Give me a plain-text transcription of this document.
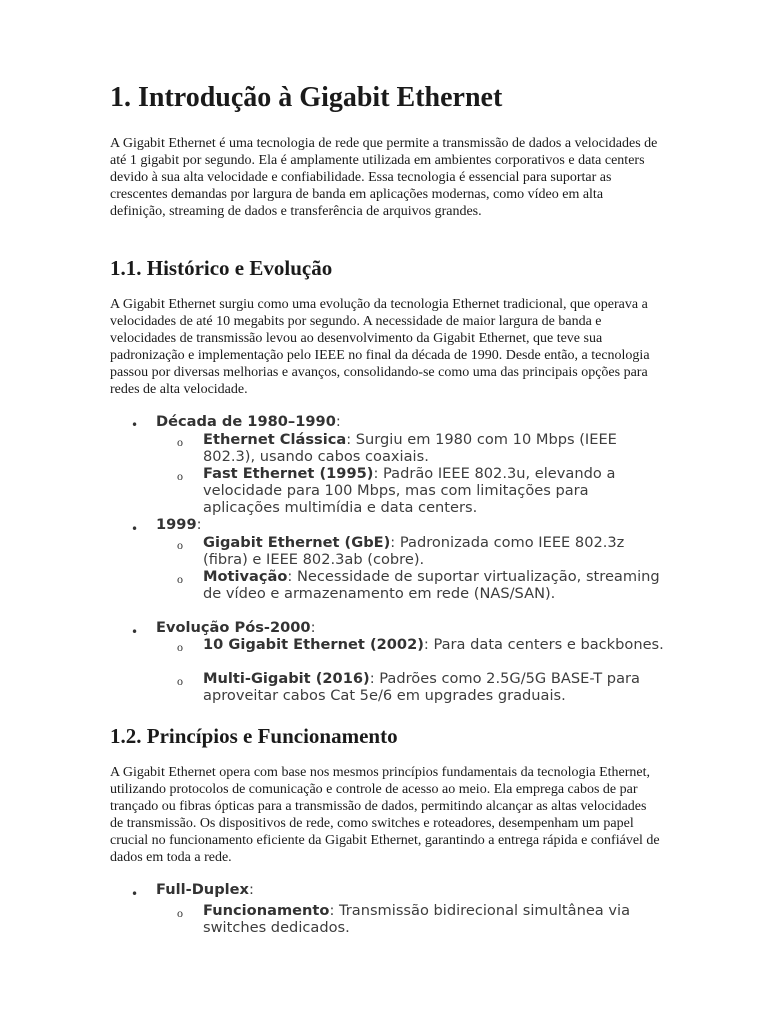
1. Introdução à Gigabit Ethernet

A Gigabit Ethernet é uma tecnologia de rede que permite a transmissão de dados a velocidades de até 1 gigabit por segundo. Ela é amplamente utilizada em ambientes corporativos e data centers devido à sua alta velocidade e confiabilidade. Essa tecnologia é essencial para suportar as crescentes demandas por largura de banda em aplicações modernas, como vídeo em alta definição, streaming de dados e transferência de arquivos grandes.

1.1. Histórico e Evolução

A Gigabit Ethernet surgiu como uma evolução da tecnologia Ethernet tradicional, que operava a velocidades de até 10 megabits por segundo. A necessidade de maior largura de banda e velocidades de transmissão levou ao desenvolvimento da Gigabit Ethernet, que teve sua padronização e implementação pelo IEEE no final da década de 1990. Desde então, a tecnologia passou por diversas melhorias e avanços, consolidando-se como uma das principais opções para redes de alta velocidade.

• Década de 1980–1990:
o Ethernet Clássica: Surgiu em 1980 com 10 Mbps (IEEE 802.3), usando cabos coaxiais.
o Fast Ethernet (1995): Padrão IEEE 802.3u, elevando a velocidade para 100 Mbps, mas com limitações para aplicações multimídia e data centers.
• 1999:
o Gigabit Ethernet (GbE): Padronizada como IEEE 802.3z (fibra) e IEEE 802.3ab (cobre).
o Motivação: Necessidade de suportar virtualização, streaming de vídeo e armazenamento em rede (NAS/SAN).
• Evolução Pós-2000:
o 10 Gigabit Ethernet (2002): Para data centers e backbones.
o Multi-Gigabit (2016): Padrões como 2.5G/5G BASE-T para aproveitar cabos Cat 5e/6 em upgrades graduais.
1.2. Princípios e Funcionamento

A Gigabit Ethernet opera com base nos mesmos princípios fundamentais da tecnologia Ethernet, utilizando protocolos de comunicação e controle de acesso ao meio. Ela emprega cabos de par trançado ou fibras ópticas para a transmissão de dados, permitindo alcançar as altas velocidades de transmissão. Os dispositivos de rede, como switches e roteadores, desempenham um papel crucial no funcionamento eficiente da Gigabit Ethernet, garantindo a entrega rápida e confiável de dados em toda a rede.

• Full-Duplex:
o Funcionamento: Transmissão bidirecional simultânea via switches dedicados.
